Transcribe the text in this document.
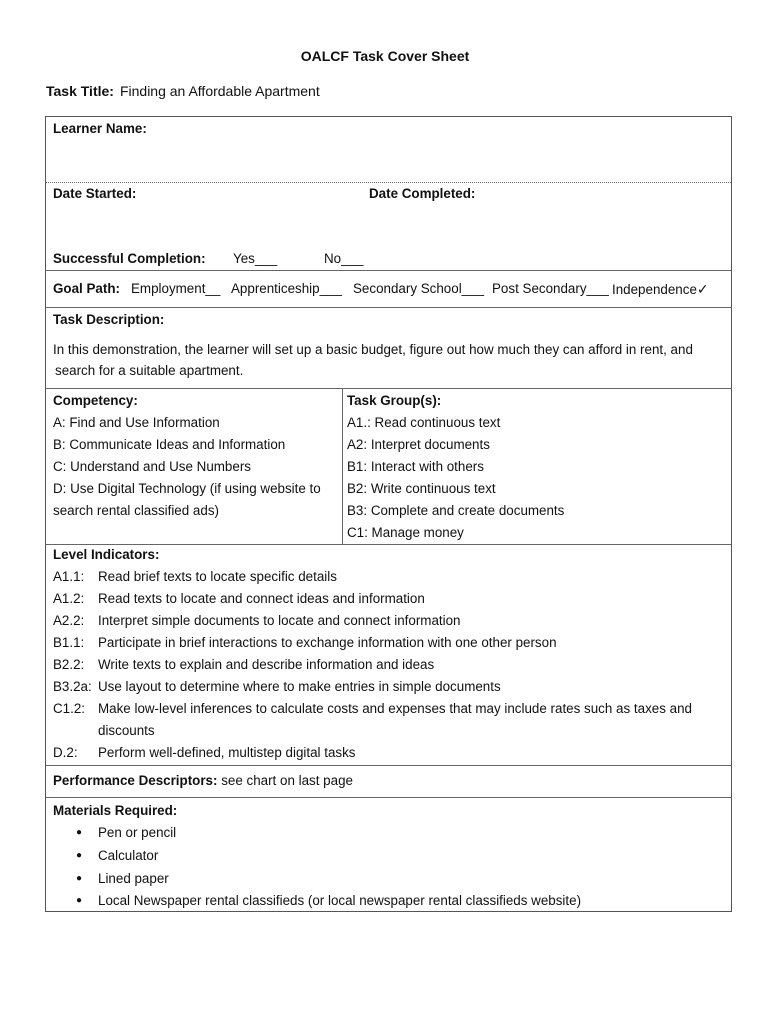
OALCF Task Cover Sheet
Task Title: Finding an Affordable Apartment
Learner Name:
Date Started:	Date Completed:
Successful Completion: Yes___	No___
Goal Path: Employment__ Apprenticeship___ Secondary School___ Post Secondary___ Independence✓
Task Description:
In this demonstration, the learner will set up a basic budget, figure out how much they can afford in rent, and
search for a suitable apartment.
Competency:
A: Find and Use Information
B: Communicate Ideas and Information
C: Understand and Use Numbers
D: Use Digital Technology (if using website to
search rental classified ads)
Task Group(s):
A1.: Read continuous text
A2: Interpret documents
B1: Interact with others
B2: Write continuous text
B3: Complete and create documents
C1: Manage money
Level Indicators:
A1.1: Read brief texts to locate specific details
A1.2: Read texts to locate and connect ideas and information
A2.2: Interpret simple documents to locate and connect information
B1.1: Participate in brief interactions to exchange information with one other person
B2.2: Write texts to explain and describe information and ideas
B3.2a: Use layout to determine where to make entries in simple documents
C1.2: Make low-level inferences to calculate costs and expenses that may include rates such as taxes and
discounts
D.2: Perform well-defined, multistep digital tasks
Performance Descriptors: see chart on last page
Materials Required:
● Pen or pencil
● Calculator
● Lined paper
● Local Newspaper rental classifieds (or local newspaper rental classifieds website)
